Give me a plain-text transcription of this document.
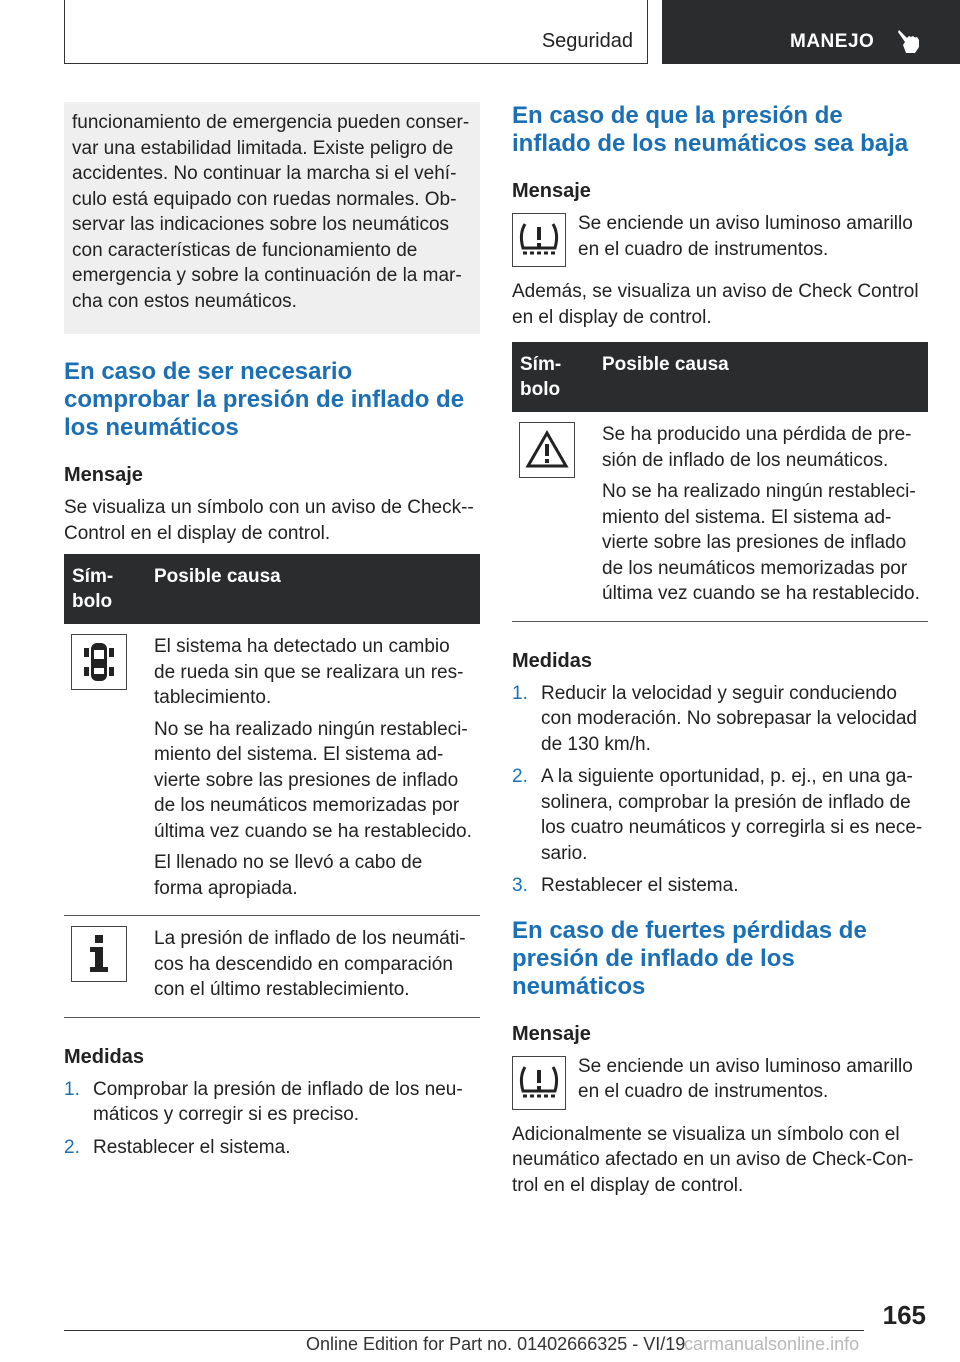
Seguridad	MANEJO
funcionamiento de emergencia pueden conser-var una estabilidad limitada. Existe peligro de accidentes. No continuar la marcha si el vehí-culo está equipado con ruedas normales. Ob-servar las indicaciones sobre los neumáticos con características de funcionamiento de emergencia y sobre la continuación de la mar-cha con estos neumáticos.
En caso de ser necesario comprobar la presión de inflado de los neumáticos
Mensaje

Se visualiza un símbolo con un aviso de Check--Control en el display de control.

Sím-bolo	Posible causa

El sistema ha detectado un cambio de rueda sin que se realizara un res-tablecimiento.

No se ha realizado ningún restableci-miento del sistema. El sistema ad-vierte sobre las presiones de inflado de los neumáticos memorizadas por última vez cuando se ha restablecido.

El llenado no se llevó a cabo de forma apropiada.

La presión de inflado de los neumáti-cos ha descendido en comparación con el último restablecimiento.

Medidas
1. Comprobar la presión de inflado de los neu-máticos y corregir si es preciso.
2. Restablecer el sistema.
En caso de que la presión de inflado de los neumáticos sea baja
Mensaje

Se enciende un aviso luminoso amarillo en el cuadro de instrumentos.

Además, se visualiza un aviso de Check Control en el display de control.

Sím-bolo	Posible causa

Se ha producido una pérdida de pre-sión de inflado de los neumáticos.

No se ha realizado ningún restableci-miento del sistema. El sistema ad-vierte sobre las presiones de inflado de los neumáticos memorizadas por última vez cuando se ha restablecido.

Medidas
1. Reducir la velocidad y seguir conduciendo con moderación. No sobrepasar la velocidad de 130 km/h.
2. A la siguiente oportunidad, p. ej., en una ga-solinera, comprobar la presión de inflado de los cuatro neumáticos y corregirla si es nece-sario.
3. Restablecer el sistema.
En caso de fuertes pérdidas de presión de inflado de los neumáticos
Mensaje

Se enciende un aviso luminoso amarillo en el cuadro de instrumentos.

Adicionalmente se visualiza un símbolo con el neumático afectado en un aviso de Check-Con-trol en el display de control.

165
Online Edition for Part no. 01402666325 - VI/19
carmanualsonline.info
